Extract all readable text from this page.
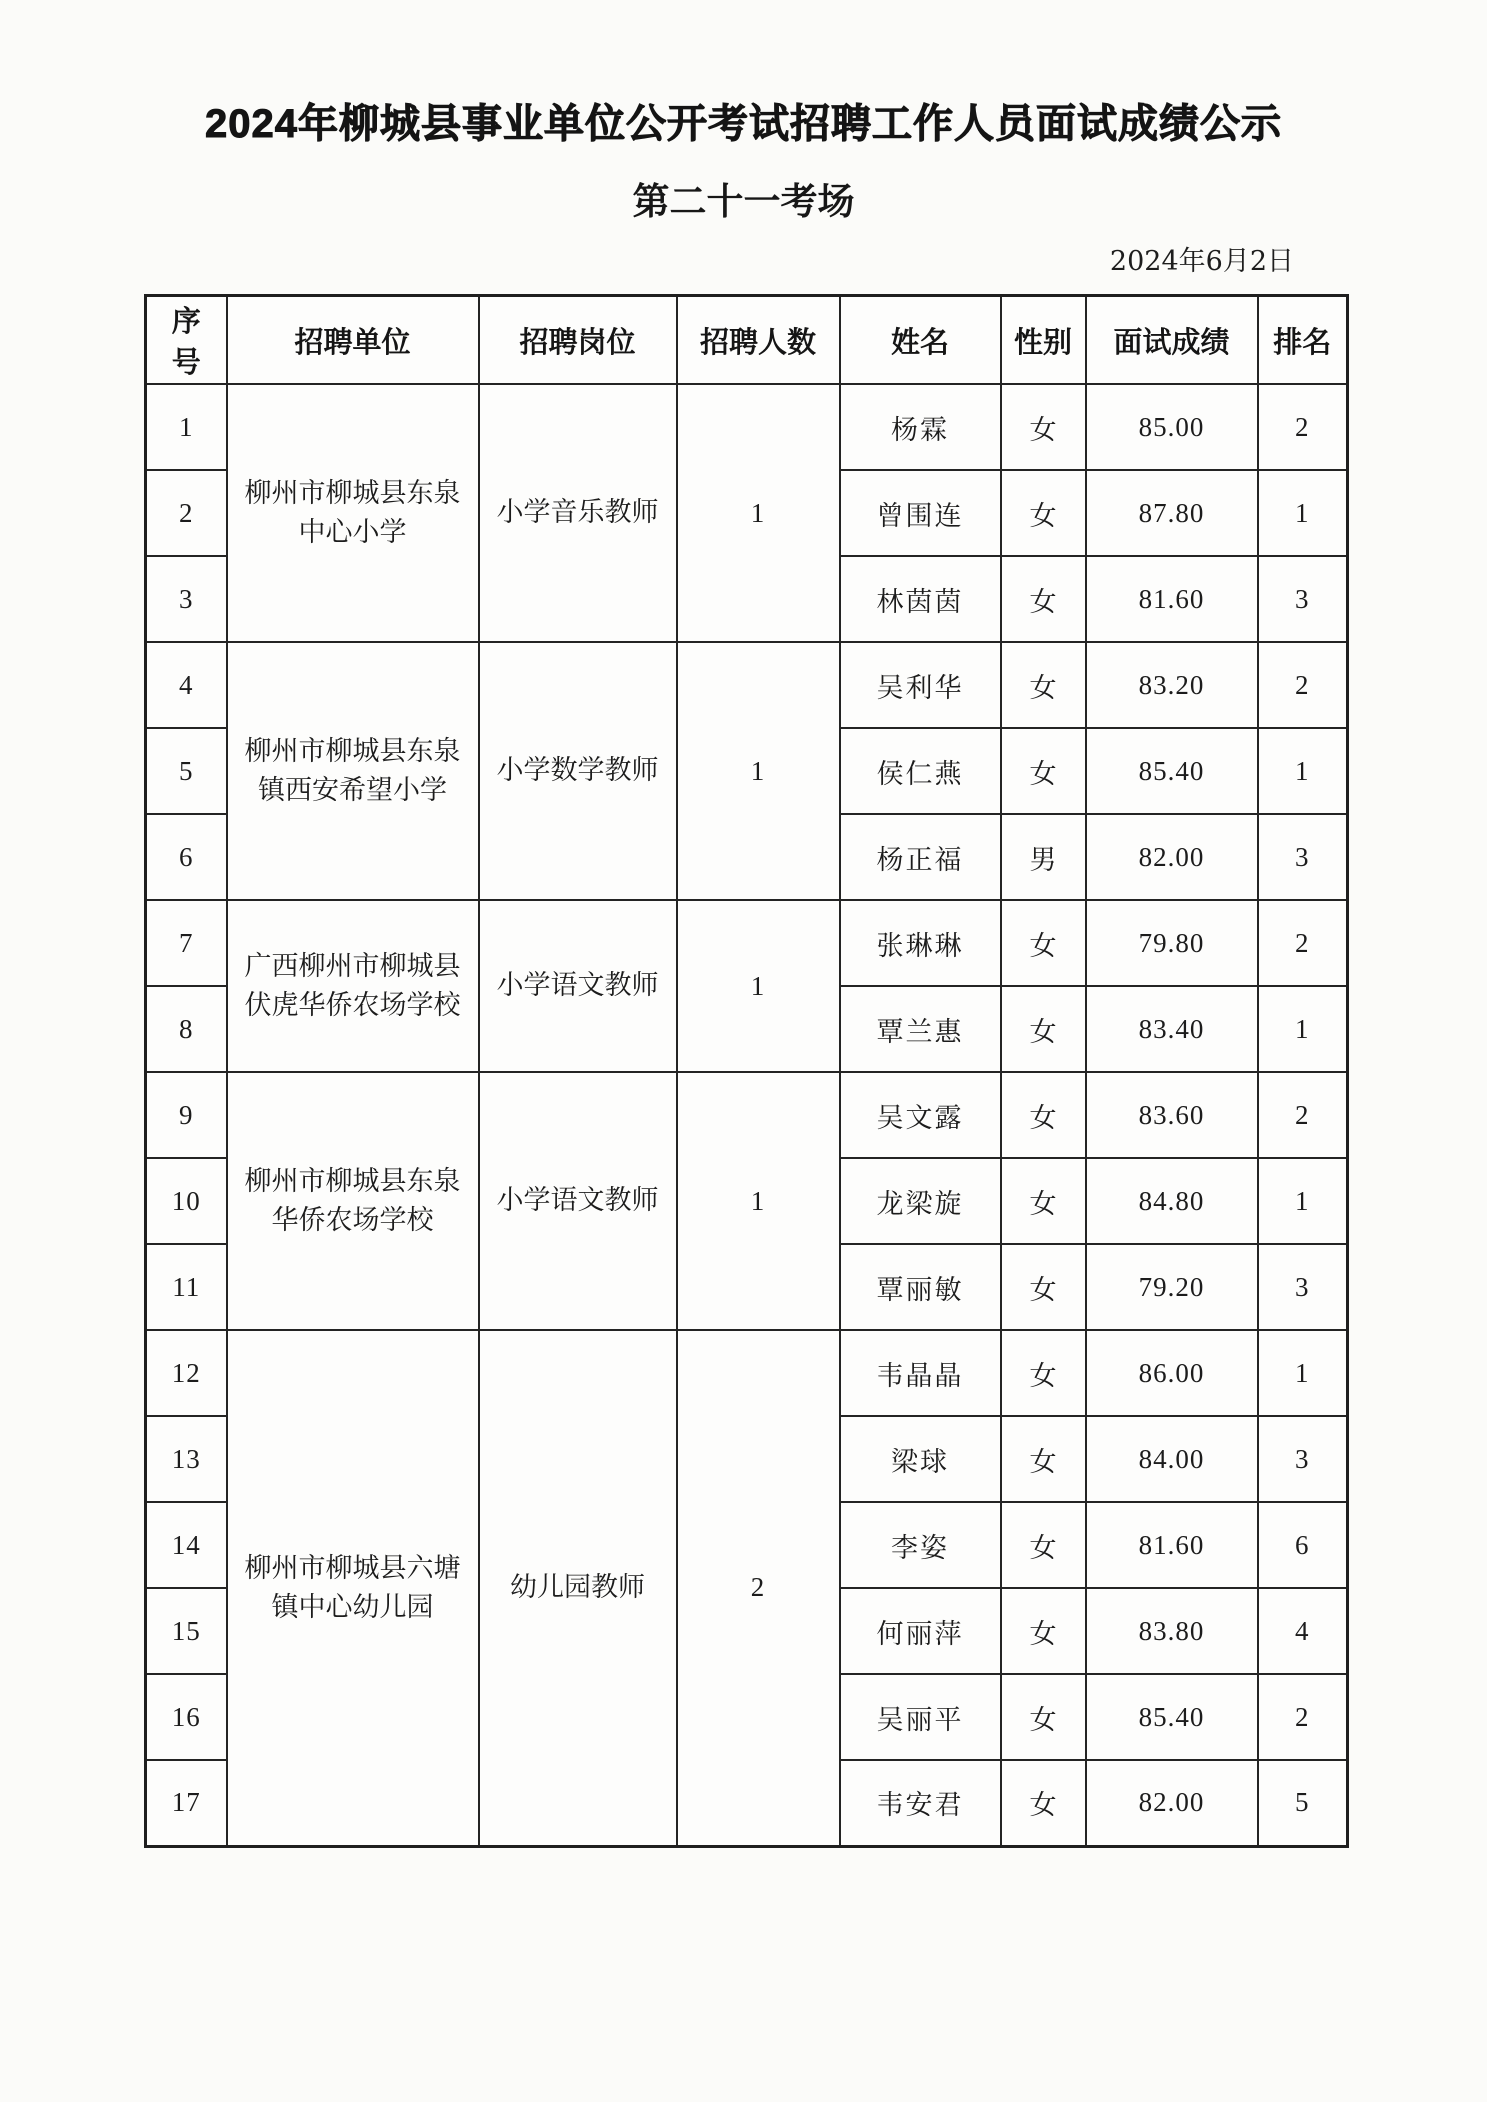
2024年柳城县事业单位公开考试招聘工作人员面试成绩公示
第二十一考场
2024年6月2日
序号	招聘单位	招聘岗位	招聘人数	姓名	性别	面试成绩	排名
1	柳州市柳城县东泉中心小学	小学音乐教师	1	杨霖	女	85.00	2
2				曾围连	女	87.80	1
3				林茵茵	女	81.60	3
4	柳州市柳城县东泉镇西安希望小学	小学数学教师	1	吴利华	女	83.20	2
5				侯仁燕	女	85.40	1
6				杨正福	男	82.00	3
7	广西柳州市柳城县伏虎华侨农场学校	小学语文教师	1	张琳琳	女	79.80	2
8				覃兰惠	女	83.40	1
9	柳州市柳城县东泉华侨农场学校	小学语文教师	1	吴文露	女	83.60	2
10				龙梁旋	女	84.80	1
11				覃丽敏	女	79.20	3
12	柳州市柳城县六塘镇中心幼儿园	幼儿园教师	2	韦晶晶	女	86.00	1
13				梁球	女	84.00	3
14				李姿	女	81.60	6
15				何丽萍	女	83.80	4
16				吴丽平	女	85.40	2
17				韦安君	女	82.00	5
